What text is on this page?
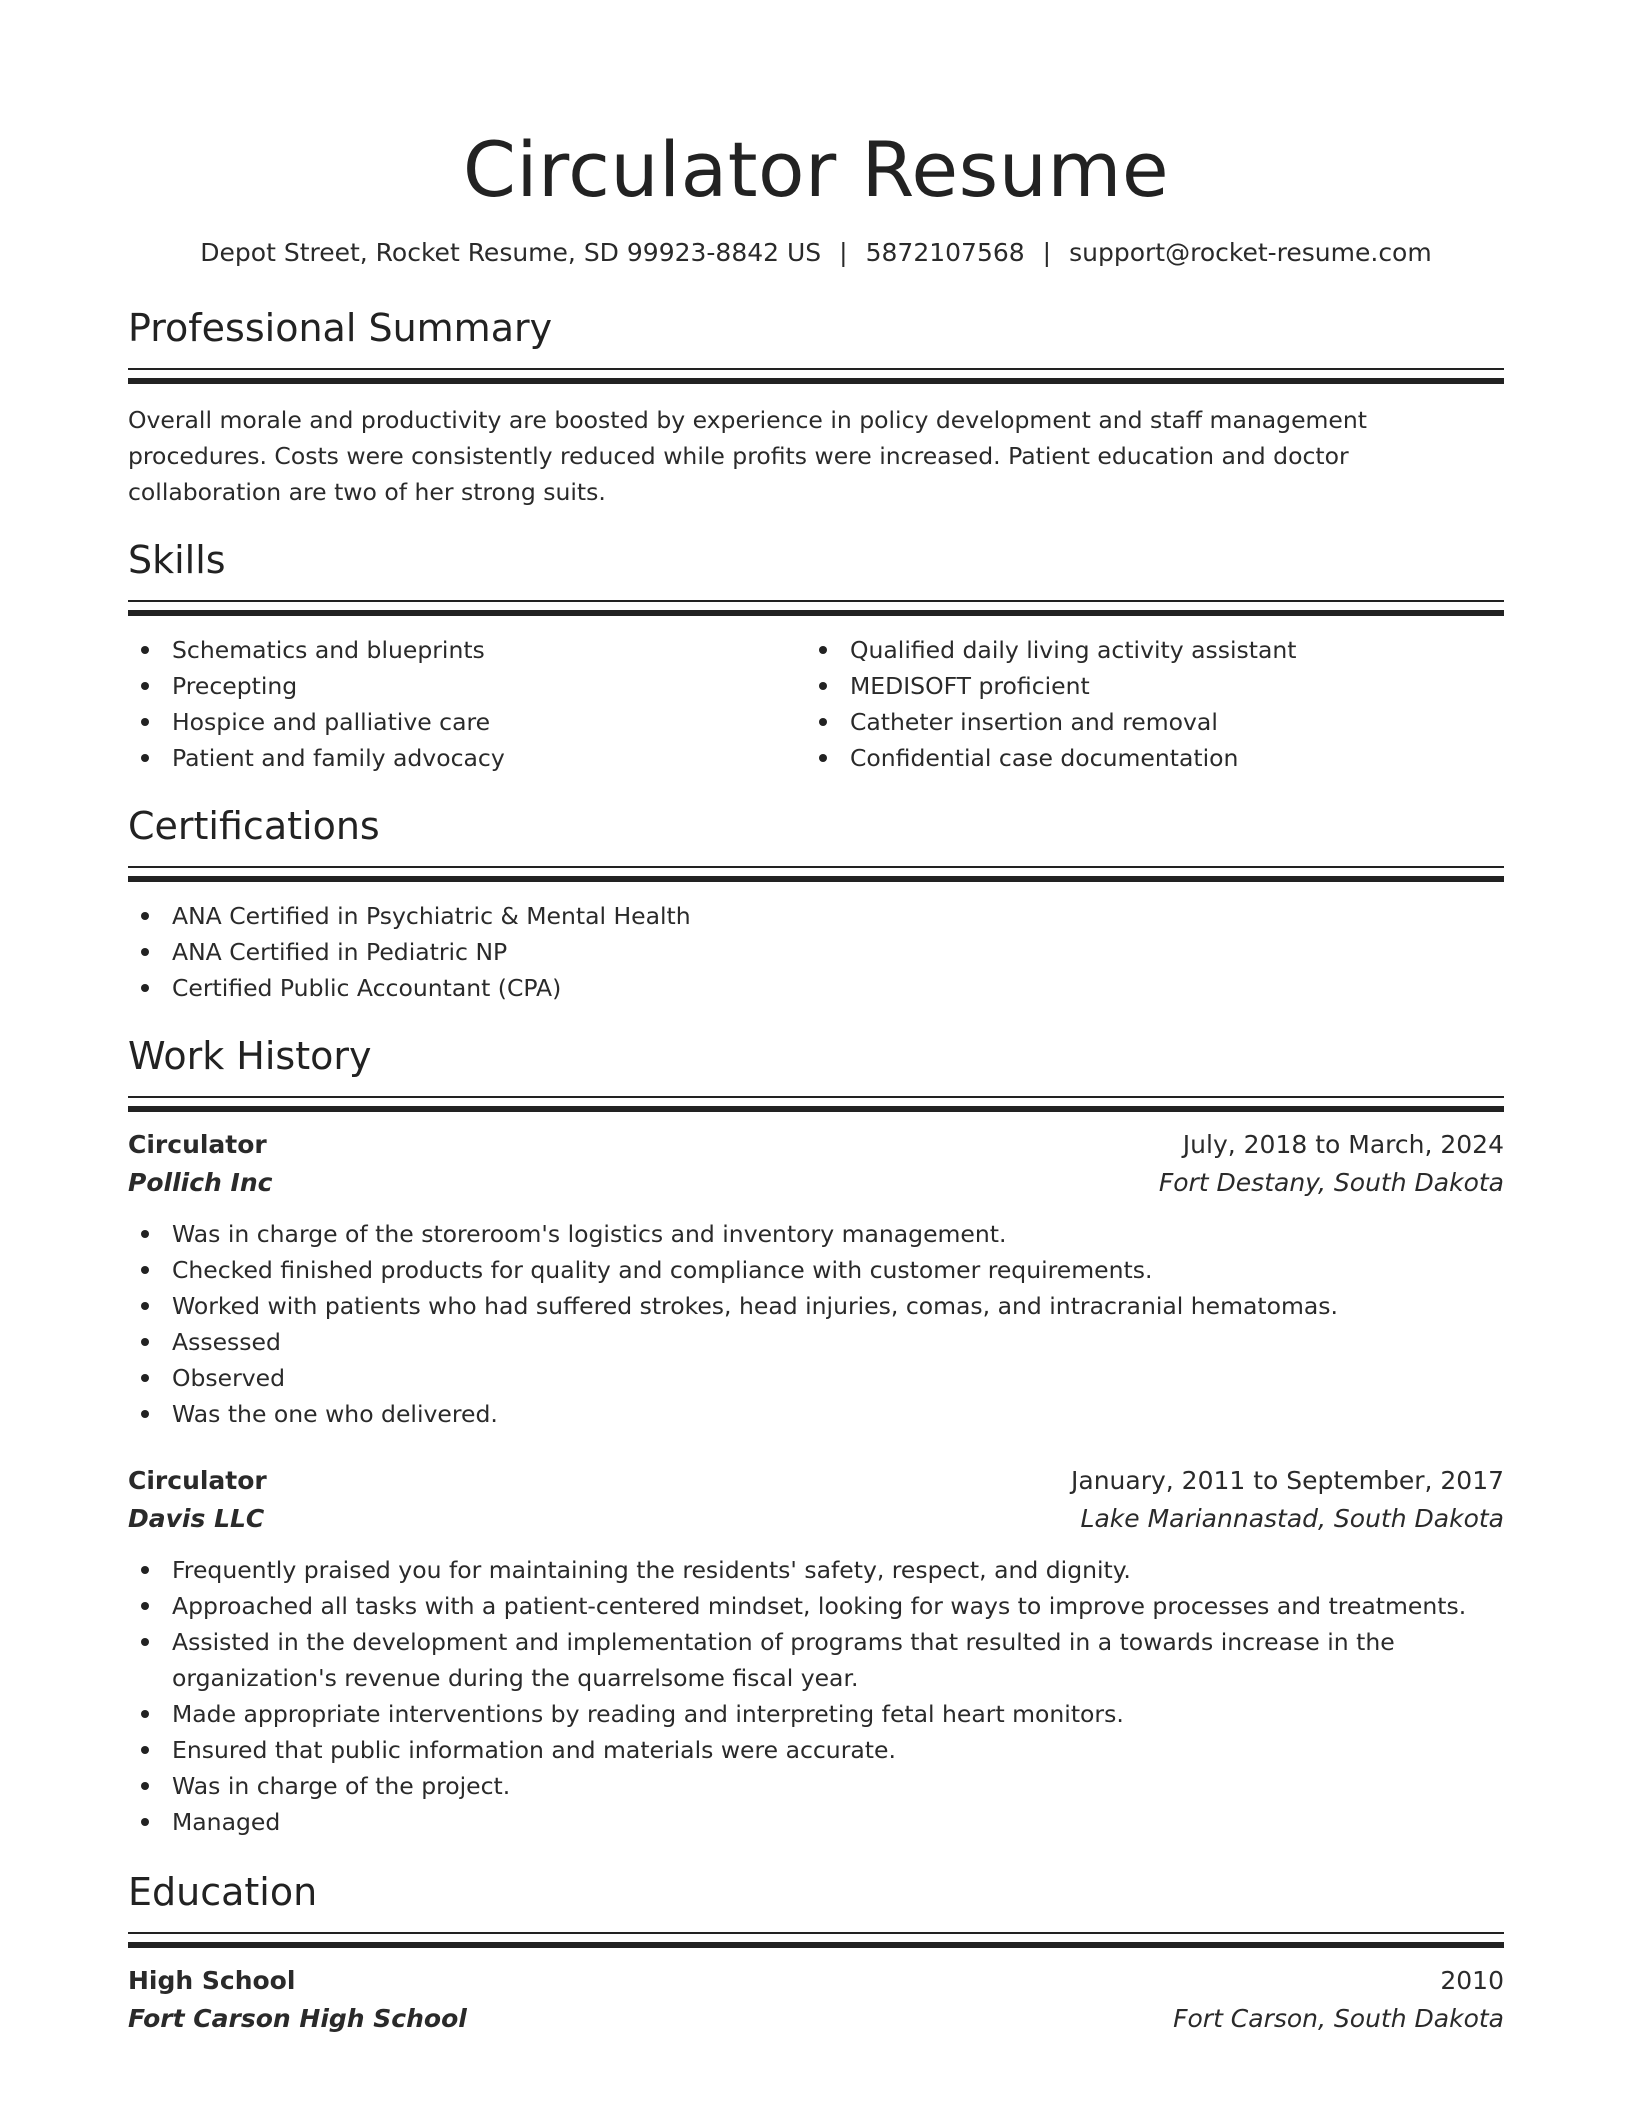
Circulator Resume
Depot Street, Rocket Resume, SD 99923-8842 US | 5872107568 | support@rocket-resume.com
Professional Summary

Overall morale and productivity are boosted by experience in policy development and staff management procedures. Costs were consistently reduced while profits were increased. Patient education and doctor collaboration are two of her strong suits.

Skills
Schematics and blueprints
Precepting
Hospice and palliative care
Patient and family advocacy
Qualified daily living activity assistant
MEDISOFT proficient
Catheter insertion and removal
Confidential case documentation
Certifications
ANA Certified in Psychiatric & Mental Health
ANA Certified in Pediatric NP
Certified Public Accountant (CPA)
Work History
Circulator	July, 2018 to March, 2024
Pollich Inc	Fort Destany, South Dakota
Was in charge of the storeroom's logistics and inventory management.
Checked finished products for quality and compliance with customer requirements.
Worked with patients who had suffered strokes, head injuries, comas, and intracranial hematomas.
Assessed
Observed
Was the one who delivered.
Circulator	January, 2011 to September, 2017
Davis LLC	Lake Mariannastad, South Dakota
Frequently praised you for maintaining the residents' safety, respect, and dignity.
Approached all tasks with a patient-centered mindset, looking for ways to improve processes and treatments.
Assisted in the development and implementation of programs that resulted in a towards increase in the organization's revenue during the quarrelsome fiscal year.
Made appropriate interventions by reading and interpreting fetal heart monitors.
Ensured that public information and materials were accurate.
Was in charge of the project.
Managed
Education
High School	2010
Fort Carson High School	Fort Carson, South Dakota
